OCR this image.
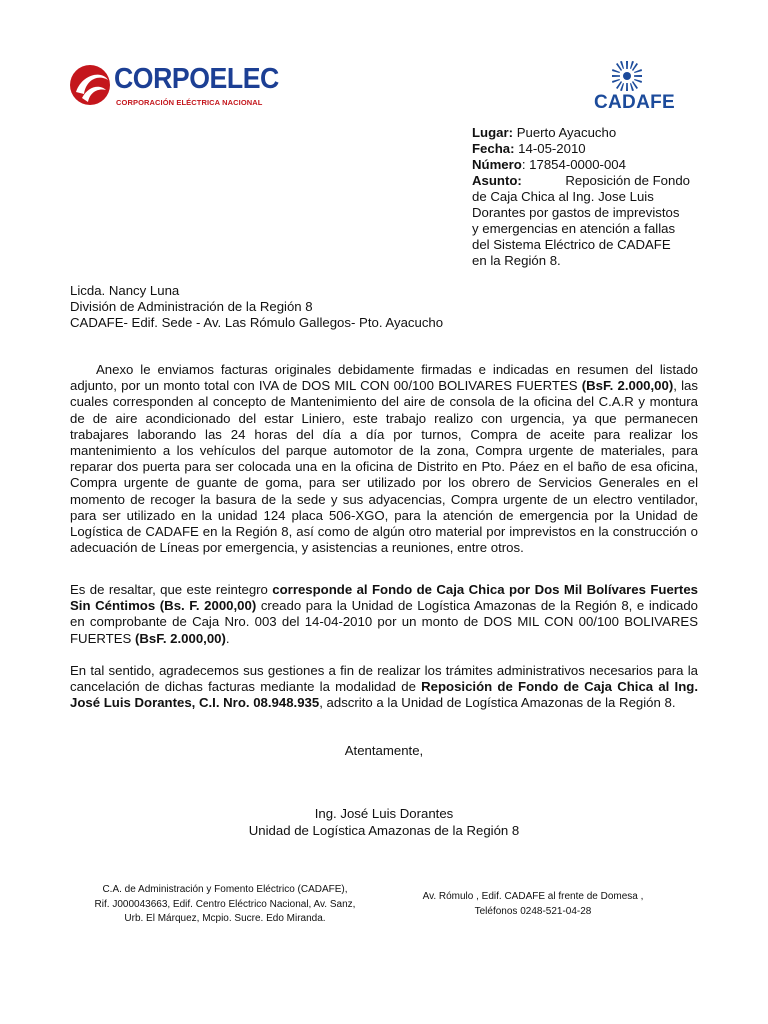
CORPOELEC
CORPORACIÓN ELÉCTRICA NACIONAL	CADAFE
Lugar: Puerto Ayacucho
Fecha: 14-05-2010
Número: 17854-0000-004
Asunto:	Reposición de Fondo
de Caja Chica al Ing. Jose Luis
Dorantes por gastos de imprevistos
y emergencias en atención a fallas
del Sistema Eléctrico de CADAFE
en la Región 8.
Licda. Nancy Luna
División de Administración de la Región 8
CADAFE- Edif. Sede - Av. Las Rómulo Gallegos- Pto. Ayacucho
Anexo le enviamos facturas originales debidamente firmadas e indicadas en resumen del listado adjunto, por un monto total con IVA de DOS MIL CON 00/100 BOLIVARES FUERTES (BsF. 2.000,00), las cuales corresponden al concepto de Mantenimiento del aire de consola de la oficina del C.A.R y montura de de aire acondicionado del estar Liniero, este trabajo realizo con urgencia, ya que permanecen trabajares laborando las 24 horas del día a día por turnos, Compra de aceite para realizar los mantenimiento a los vehículos del parque automotor de la zona, Compra urgente de materiales, para reparar dos puerta para ser colocada una en la oficina de Distrito en Pto. Páez en el baño de esa oficina, Compra urgente de guante de goma, para ser utilizado por los obrero de Servicios Generales en el momento de recoger la basura de la sede y sus adyacencias, Compra urgente de un electro ventilador, para ser utilizado en la unidad 124 placa 506-XGO, para la atención de emergencia por la Unidad de Logística de CADAFE en la Región 8, así como de algún otro material por imprevistos en la construcción o adecuación de Líneas por emergencia, y asistencias a reuniones, entre otros.
Es de resaltar, que este reintegro corresponde al Fondo de Caja Chica por Dos Mil Bolívares Fuertes Sin Céntimos (Bs. F. 2000,00) creado para la Unidad de Logística Amazonas de la Región 8, e indicado en comprobante de Caja Nro. 003 del 14-04-2010 por un monto de DOS MIL CON 00/100 BOLIVARES FUERTES (BsF. 2.000,00).
En tal sentido, agradecemos sus gestiones a fin de realizar los trámites administrativos necesarios para la cancelación de dichas facturas mediante la modalidad de Reposición de Fondo de Caja Chica al Ing. José Luis Dorantes, C.I. Nro. 08.948.935, adscrito a la Unidad de Logística Amazonas de la Región 8.
Atentamente,
Ing. José Luis Dorantes
Unidad de Logística Amazonas de la Región 8
C.A. de Administración y Fomento Eléctrico (CADAFE),
Rif. J000043663, Edif. Centro Eléctrico Nacional, Av. Sanz,
Urb. El Márquez, Mcpio. Sucre. Edo Miranda.
Av. Rómulo , Edif. CADAFE al frente de Domesa ,
Teléfonos 0248-521-04-28
